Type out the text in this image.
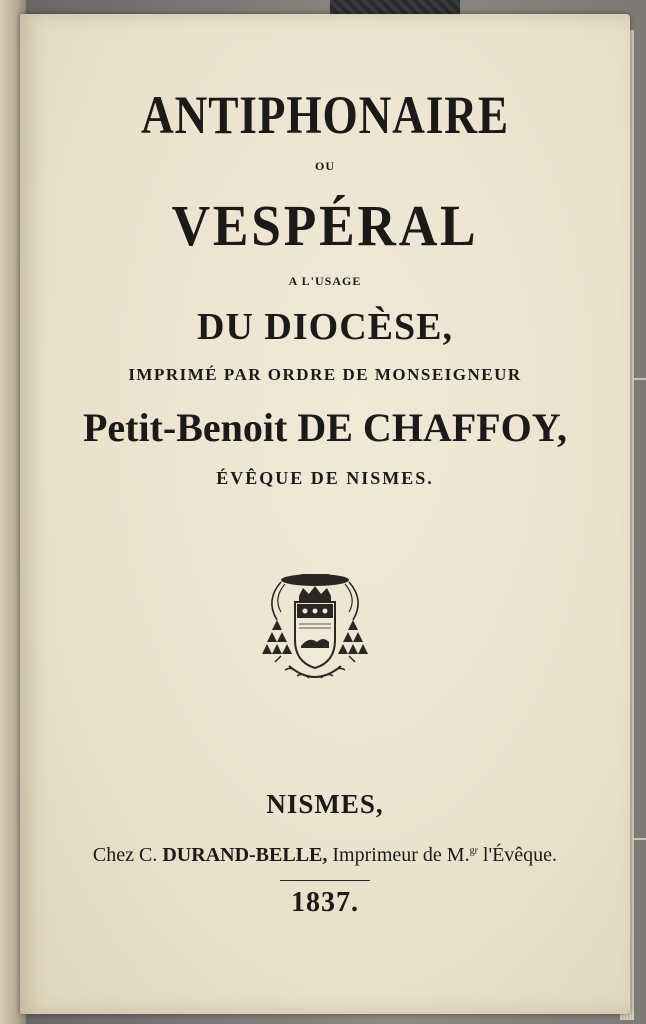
ANTIPHONAIRE
OU
VESPÉRAL
A L'USAGE
DU DIOCÈSE,
IMPRIMÉ PAR ORDRE DE MONSEIGNEUR
Petit-Benoit DE CHAFFOY,
ÉVÊQUE DE NISMES.
NISMES,
Chez C. DURAND-BELLE, Imprimeur de M.$^{gr}$ l'Évêque.
1837.
